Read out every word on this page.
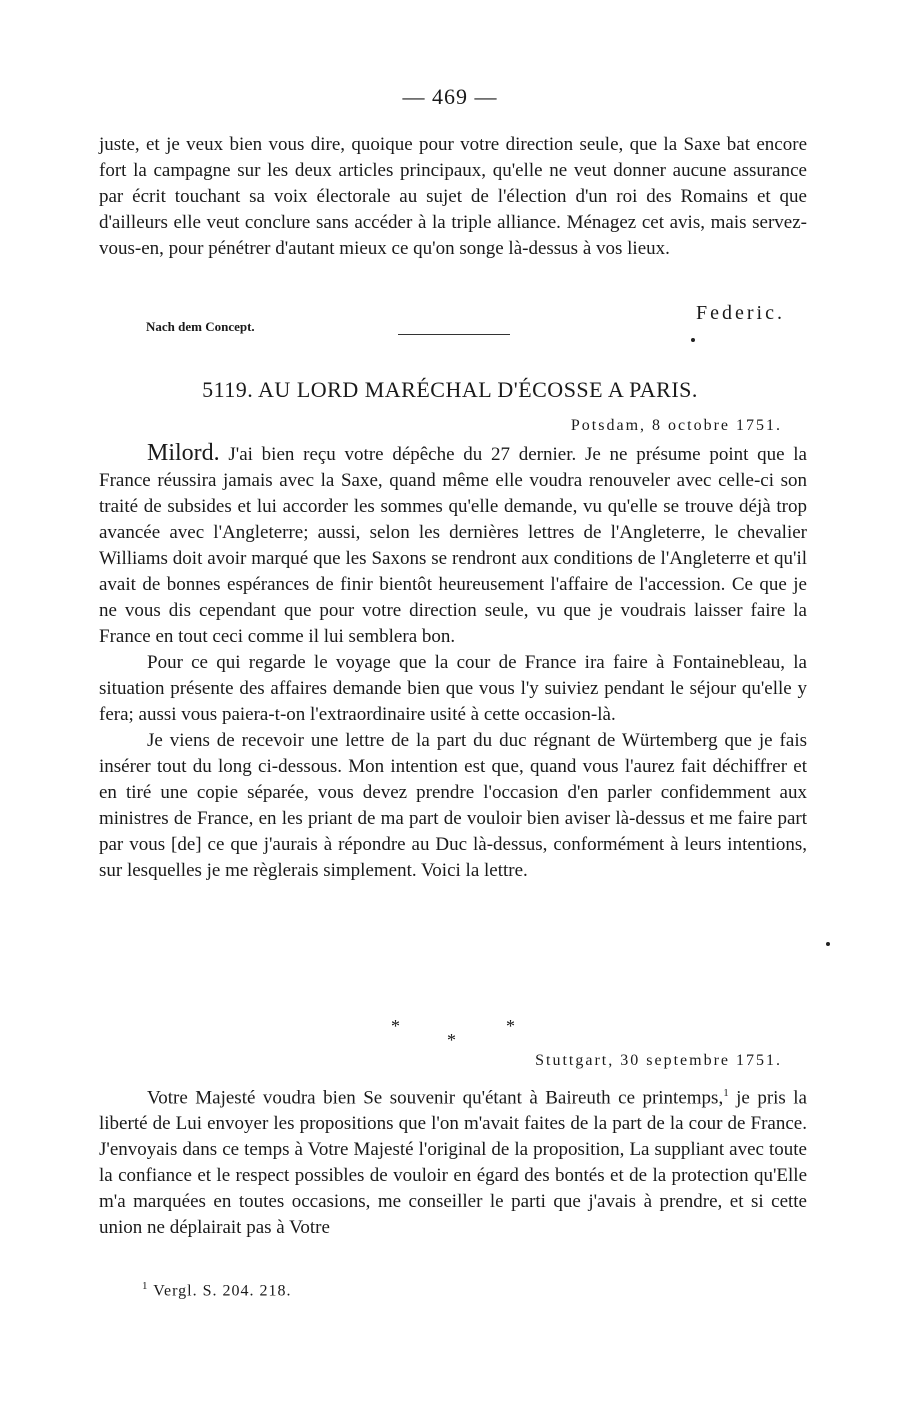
— 469 —

juste, et je veux bien vous dire, quoique pour votre direction seule, que la Saxe bat encore fort la campagne sur les deux articles principaux, qu'elle ne veut donner aucune assurance par écrit touchant sa voix électorale au sujet de l'élection d'un roi des Romains et que d'ailleurs elle veut conclure sans accéder à la triple alliance. Ménagez cet avis, mais servez-vous-en, pour pénétrer d'autant mieux ce qu'on songe là-dessus à vos lieux.

Federic.
Nach dem Concept.
5119. AU LORD MARÉCHAL D'ÉCOSSE A PARIS.
Potsdam, 8 octobre 1751.

Milord. J'ai bien reçu votre dépêche du 27 dernier. Je ne présume point que la France réussira jamais avec la Saxe, quand même elle voudra renouveler avec celle-ci son traité de subsides et lui accorder les sommes qu'elle demande, vu qu'elle se trouve déjà trop avancée avec l'Angleterre; aussi, selon les dernières lettres de l'Angleterre, le chevalier Williams doit avoir marqué que les Saxons se rendront aux conditions de l'Angleterre et qu'il avait de bonnes espérances de finir bientôt heureusement l'affaire de l'accession. Ce que je ne vous dis cependant que pour votre direction seule, vu que je voudrais laisser faire la France en tout ceci comme il lui semblera bon.

Pour ce qui regarde le voyage que la cour de France ira faire à Fontainebleau, la situation présente des affaires demande bien que vous l'y suiviez pendant le séjour qu'elle y fera; aussi vous paiera-t-on l'extraordinaire usité à cette occasion-là.

Je viens de recevoir une lettre de la part du duc régnant de Würtemberg que je fais insérer tout du long ci-dessous. Mon intention est que, quand vous l'aurez fait déchiffrer et en tiré une copie séparée, vous devez prendre l'occasion d'en parler confidemment aux ministres de France, en les priant de ma part de vouloir bien aviser là-dessus et me faire part par vous [de] ce que j'aurais à répondre au Duc là-dessus, conformément à leurs intentions, sur lesquelles je me règlerais simplement. Voici la lettre.

*	*
*
Stuttgart, 30 septembre 1751.

Votre Majesté voudra bien Se souvenir qu'étant à Baireuth ce printemps,$^1$ je pris la liberté de Lui envoyer les propositions que l'on m'avait faites de la part de la cour de France. J'envoyais dans ce temps à Votre Majesté l'original de la proposition, La suppliant avec toute la confiance et le respect possibles de vouloir en égard des bontés et de la protection qu'Elle m'a marquées en toutes occasions, me conseiller le parti que j'avais à prendre, et si cette union ne déplairait pas à Votre

$^1$ Vergl. S. 204. 218.
